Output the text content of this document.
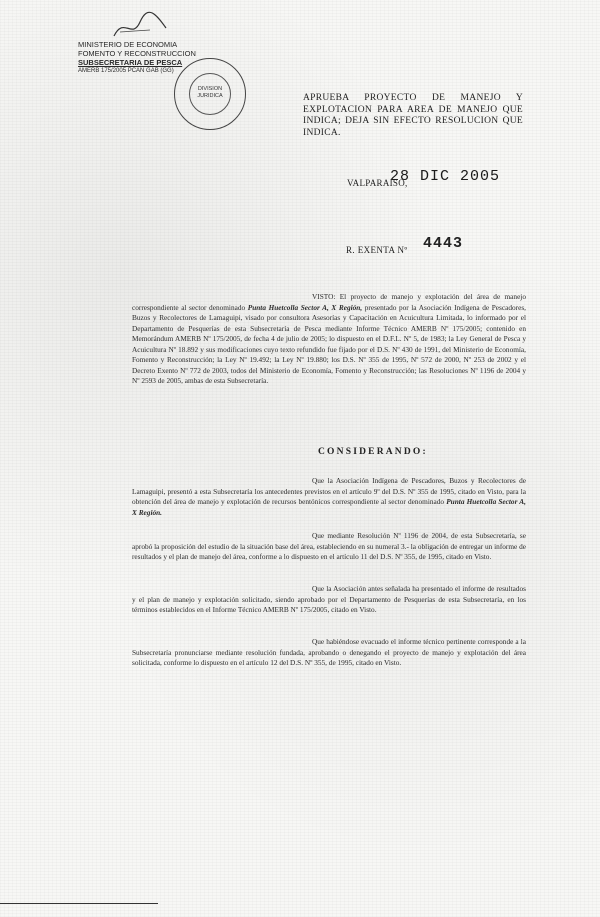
MINISTERIO DE ECONOMIA
FOMENTO Y RECONSTRUCCION
SUBSECRETARIA DE PESCA
AMERB 175/2005 PCAN GAB (GG)
DIVISION
JURIDICA	APRUEBA PROYECTO DE MANEJO Y EXPLOTACION PARA AREA DE MANEJO QUE INDICA; DEJA SIN EFECTO RESOLUCION QUE INDICA.
VALPARAISO,
28 DIC 2005
R. EXENTA Nº 4443
VISTO: El proyecto de manejo y explotación del área de manejo correspondiente al sector denominado Punta Huetcolla Sector A, X Región, presentado por la Asociación Indígena de Pescadores, Buzos y Recolectores de Lamaguipi, visado por consultora Asesorías y Capacitación en Acuicultura Limitada, lo informado por el Departamento de Pesquerías de esta Subsecretaría de Pesca mediante Informe Técnico AMERB Nº 175/2005; contenido en Memorándum AMERB Nº 175/2005, de fecha 4 de julio de 2005; lo dispuesto en el D.F.L. Nº 5, de 1983; la Ley General de Pesca y Acuicultura Nº 18.892 y sus modificaciones cuyo texto refundido fue fijado por el D.S. Nº 430 de 1991, del Ministerio de Economía, Fomento y Reconstrucción; la Ley Nº 19.492; la Ley Nº 19.880; los D.S. Nº 355 de 1995, Nº 572 de 2000, Nº 253 de 2002 y el Decreto Exento Nº 772 de 2003, todos del Ministerio de Economía, Fomento y Reconstrucción; las Resoluciones Nº 1196 de 2004 y Nº 2593 de 2005, ambas de esta Subsecretaría.
CONSIDERANDO:
Que la Asociación Indígena de Pescadores, Buzos y Recolectores de Lamaguipi, presentó a esta Subsecretaría los antecedentes previstos en el artículo 9º del D.S. Nº 355 de 1995, citado en Visto, para la obtención del área de manejo y explotación de recursos bentónicos correspondiente al sector denominado Punta Huetcolla Sector A, X Región.
Que mediante Resolución Nº 1196 de 2004, de esta Subsecretaría, se aprobó la proposición del estudio de la situación base del área, estableciendo en su numeral 3.- la obligación de entregar un informe de resultados y el plan de manejo del área, conforme a lo dispuesto en el artículo 11 del D.S. Nº 355, de 1995, citado en Visto.
Que la Asociación antes señalada ha presentado el informe de resultados y el plan de manejo y explotación solicitado, siendo aprobado por el Departamento de Pesquerías de esta Subsecretaría, en los términos establecidos en el Informe Técnico AMERB Nº 175/2005, citado en Visto.
Que habiéndose evacuado el informe técnico pertinente corresponde a la Subsecretaría pronunciarse mediante resolución fundada, aprobando o denegando el proyecto de manejo y explotación del área solicitada, conforme lo dispuesto en el artículo 12 del D.S. Nº 355, de 1995, citado en Visto.
